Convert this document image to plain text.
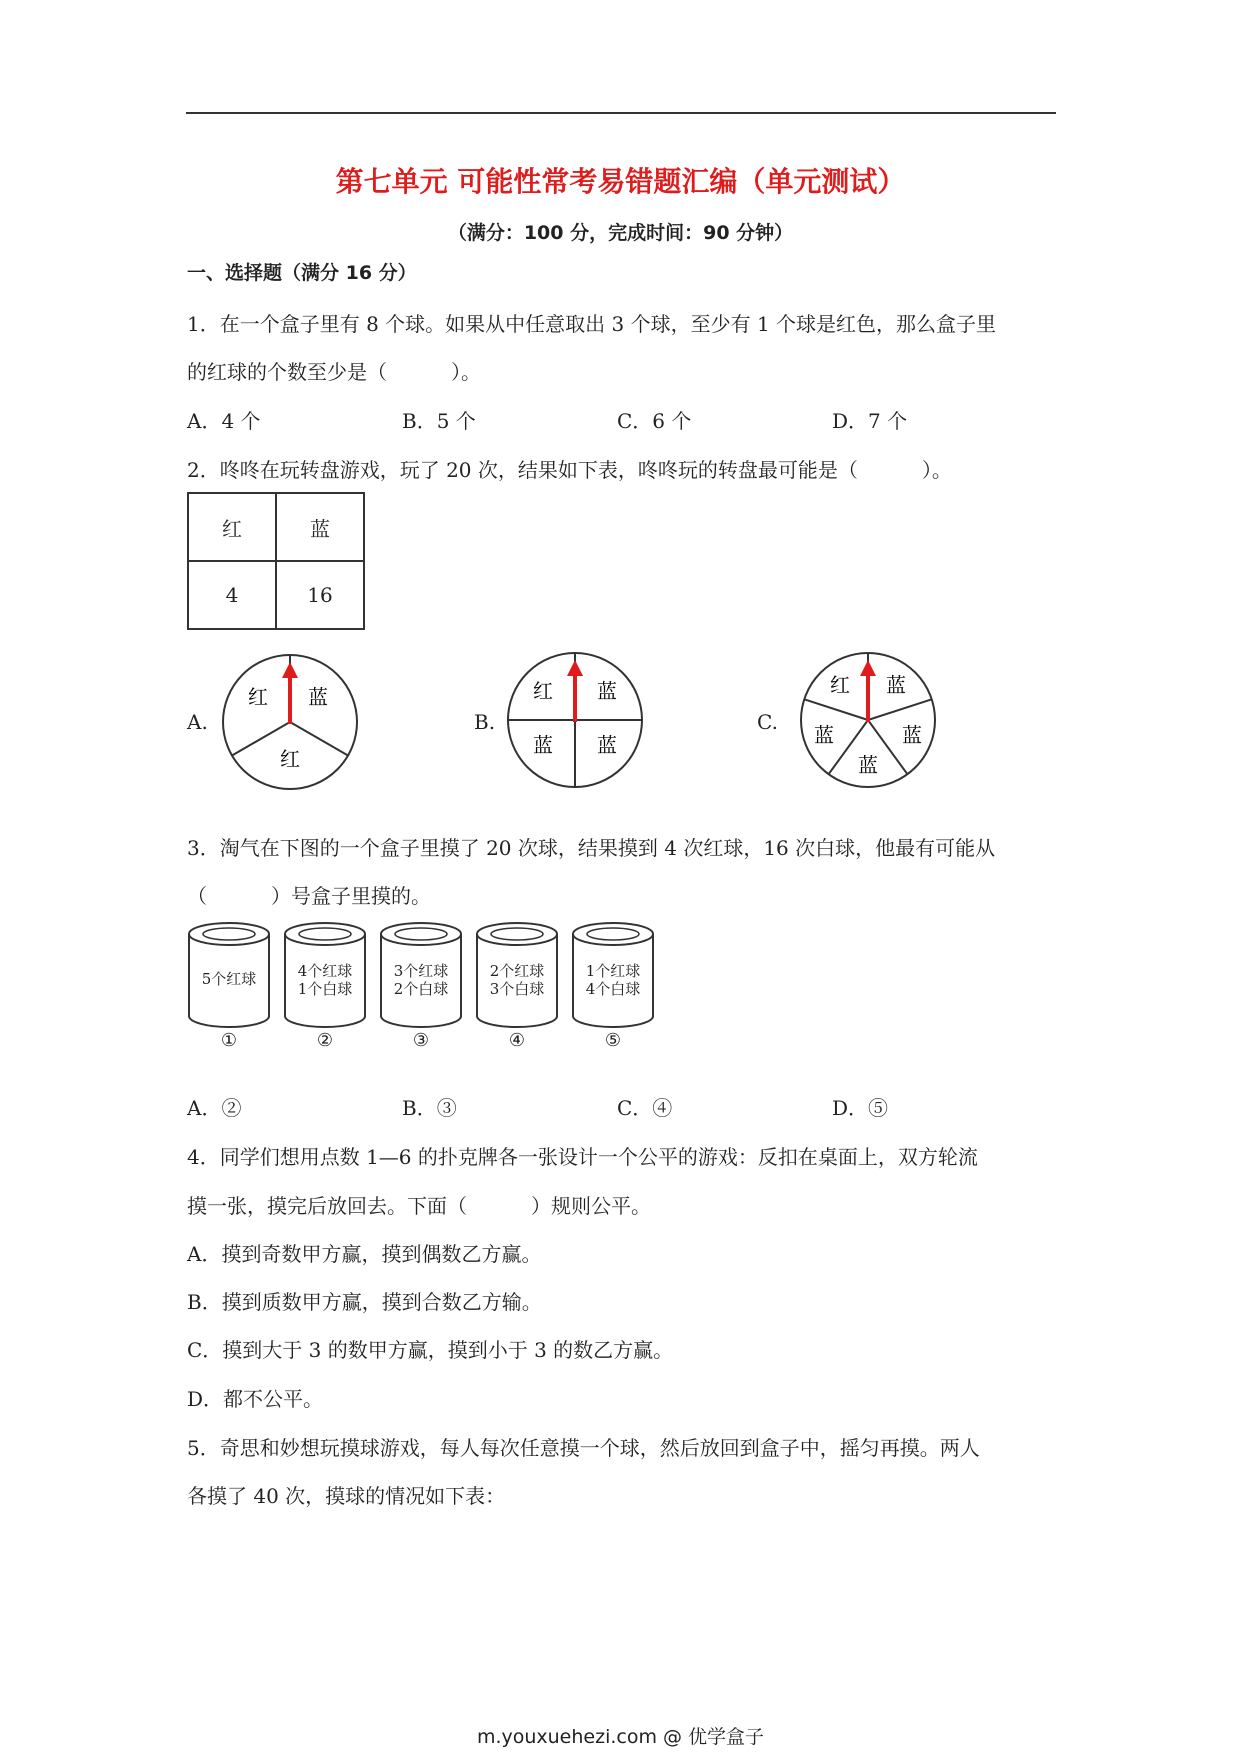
第七单元 可能性常考易错题汇编（单元测试）
（满分：100 分，完成时间：90 分钟）
一、选择题（满分 16 分）
1．在一个盒子里有 8 个球。如果从中任意取出 3 个球，至少有 1 个球是红色，那么盒子里
的红球的个数至少是（	）。
A．4 个	B．5 个	C．6 个	D．7 个
2．咚咚在玩转盘游戏，玩了 20 次，结果如下表，咚咚玩的转盘最可能是（	）。
红	蓝
4	16
A.	B.	C.
红 蓝
红
红 蓝
蓝 蓝
红 蓝
蓝
蓝
蓝
3．淘气在下图的一个盒子里摸了 20 次球，结果摸到 4 次红球，16 次白球，他最有可能从
（	）号盒子里摸的。
5个红球
①
4个红球
1个白球
②
3个红球
2个白球
③
2个红球
3个白球
④
1个红球
4个白球
⑤
A．②	B．③	C．④	D．⑤
4．同学们想用点数 1—6 的扑克牌各一张设计一个公平的游戏：反扣在桌面上，双方轮流
摸一张，摸完后放回去。下面（	）规则公平。
A．摸到奇数甲方赢，摸到偶数乙方赢。
B．摸到质数甲方赢，摸到合数乙方输。
C．摸到大于 3 的数甲方赢，摸到小于 3 的数乙方赢。
D．都不公平。
5．奇思和妙想玩摸球游戏，每人每次任意摸一个球，然后放回到盒子中，摇匀再摸。两人
各摸了 40 次，摸球的情况如下表：
m.youxuehezi.com @ 优学盒子
